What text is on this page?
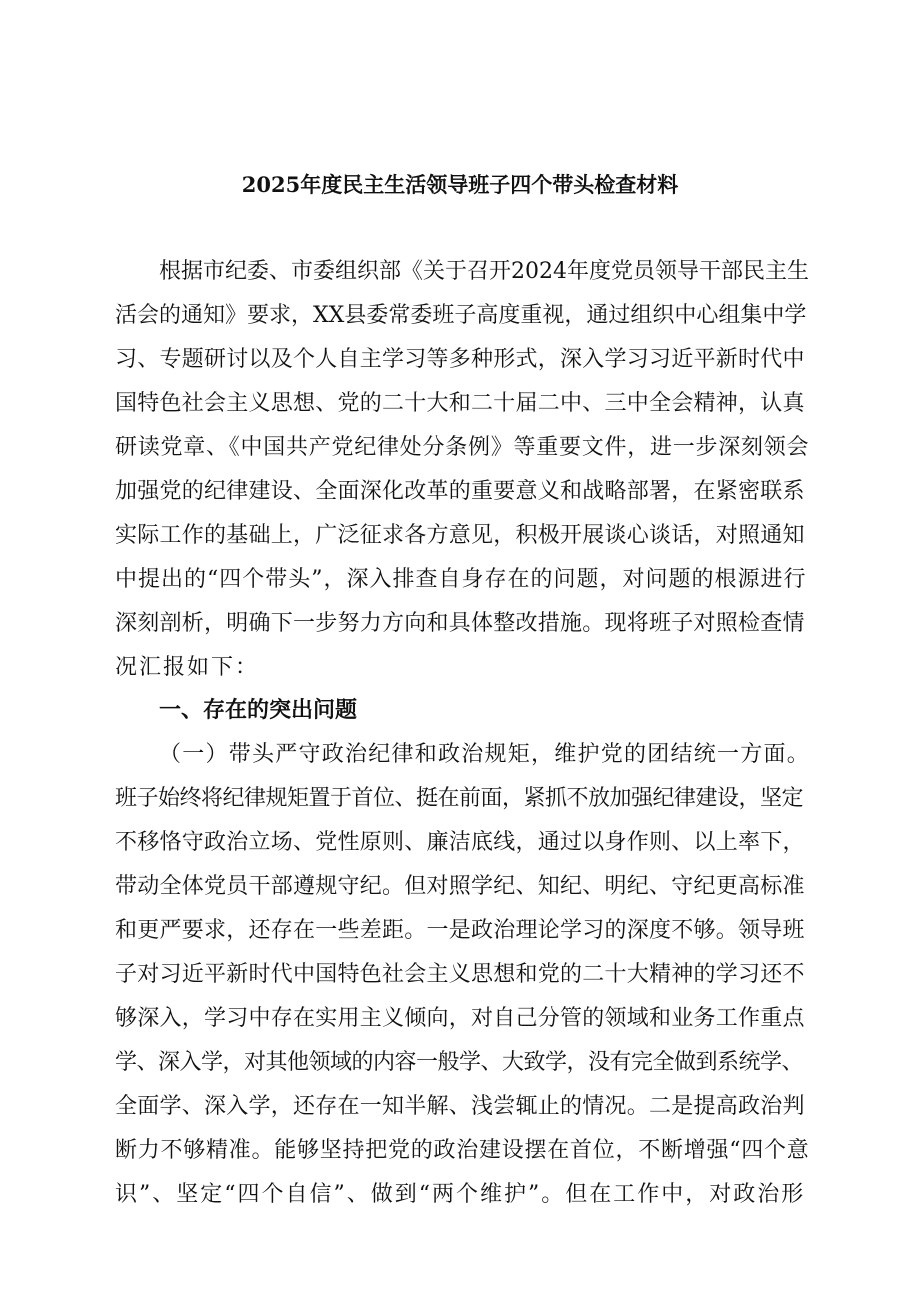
2025年度民主生活领导班子四个带头检查材料

根据市纪委、市委组织部《关于召开2024年度党员领导干部民主生

活会的通知》要求，XX县委常委班子高度重视，通过组织中心组集中学

习、专题研讨以及个人自主学习等多种形式，深入学习习近平新时代中

国特色社会主义思想、党的二十大和二十届二中、三中全会精神，认真

研读党章、《中国共产党纪律处分条例》等重要文件，进一步深刻领会

加强党的纪律建设、全面深化改革的重要意义和战略部署，在紧密联系

实际工作的基础上，广泛征求各方意见，积极开展谈心谈话，对照通知

中提出的“四个带头”，深入排查自身存在的问题，对问题的根源进行

深刻剖析，明确下一步努力方向和具体整改措施。现将班子对照检查情

况汇报如下：

一、存在的突出问题

（一）带头严守政治纪律和政治规矩，维护党的团结统一方面。

班子始终将纪律规矩置于首位、挺在前面，紧抓不放加强纪律建设，坚定

不移恪守政治立场、党性原则、廉洁底线，通过以身作则、以上率下，

带动全体党员干部遵规守纪。但对照学纪、知纪、明纪、守纪更高标准

和更严要求，还存在一些差距。一是政治理论学习的深度不够。领导班

子对习近平新时代中国特色社会主义思想和党的二十大精神的学习还不

够深入，学习中存在实用主义倾向，对自己分管的领域和业务工作重点

学、深入学，对其他领域的内容一般学、大致学，没有完全做到系统学、

全面学、深入学，还存在一知半解、浅尝辄止的情况。二是提高政治判

断力不够精准。能够坚持把党的政治建设摆在首位，不断增强“四个意

识”、坚定“四个自信”、做到“两个维护”。但在工作中，对政治形
